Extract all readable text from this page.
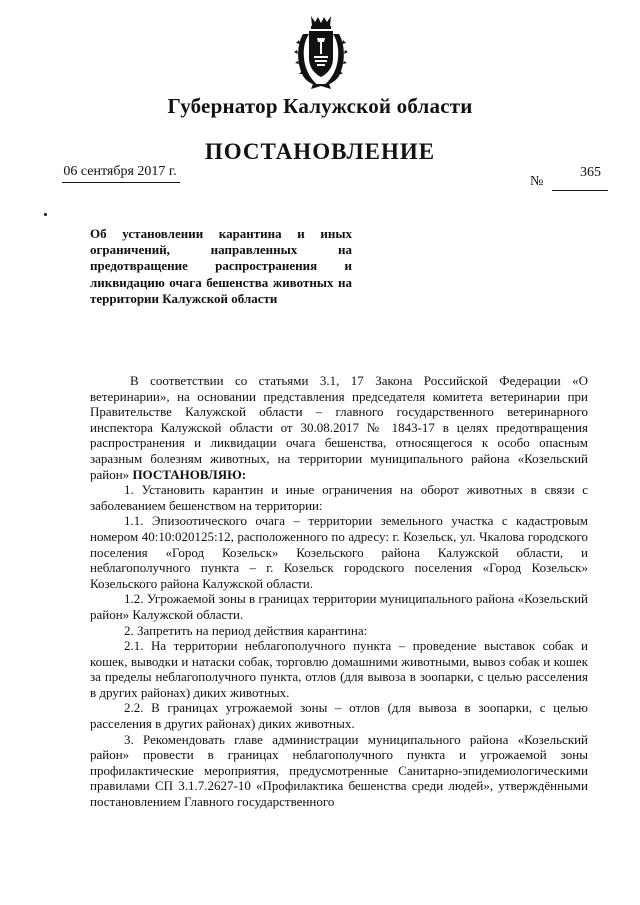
Губернатор Калужской области
ПОСТАНОВЛЕНИЕ
06 сентября 2017 г.
№
365
Об установлении карантина и иных ограничений, направленных на предотвращение распространения и ликвидацию очага бешенства животных на территории Калужской области

В соответствии со статьями 3.1, 17 Закона Российской Федерации «О ветеринарии», на основании представления председателя комитета ветеринарии при Правительстве Калужской области – главного государственного ветеринарного инспектора Калужской области от 30.08.2017 № 1843-17 в целях предотвращения распространения и ликвидации очага бешенства, относящегося к особо опасным заразным болезням животных, на территории муниципального района «Козельский район» ПОСТАНОВЛЯЮ:

1. Установить карантин и иные ограничения на оборот животных в связи с заболеванием бешенством на территории:

1.1. Эпизоотического очага – территории земельного участка с кадастровым номером 40:10:020125:12, расположенного по адресу: г. Козельск, ул. Чкалова городского поселения «Город Козельск» Козельского района Калужской области, и неблагополучного пункта – г. Козельск городского поселения «Город Козельск» Козельского района Калужской области.

1.2. Угрожаемой зоны в границах территории муниципального района «Козельский район» Калужской области.

2. Запретить на период действия карантина:

2.1. На территории неблагополучного пункта – проведение выставок собак и кошек, выводки и натаски собак, торговлю домашними животными, вывоз собак и кошек за пределы неблагополучного пункта, отлов (для вывоза в зоопарки, с целью расселения в других районах) диких животных.

2.2. В границах угрожаемой зоны – отлов (для вывоза в зоопарки, с целью расселения в других районах) диких животных.

3. Рекомендовать главе администрации муниципального района «Козельский район» провести в границах неблагополучного пункта и угрожаемой зоны профилактические мероприятия, предусмотренные Санитарно-эпидемиологическими правилами СП 3.1.7.2627-10 «Профилактика бешенства среди людей», утверждёнными постановлением Главного государственного
